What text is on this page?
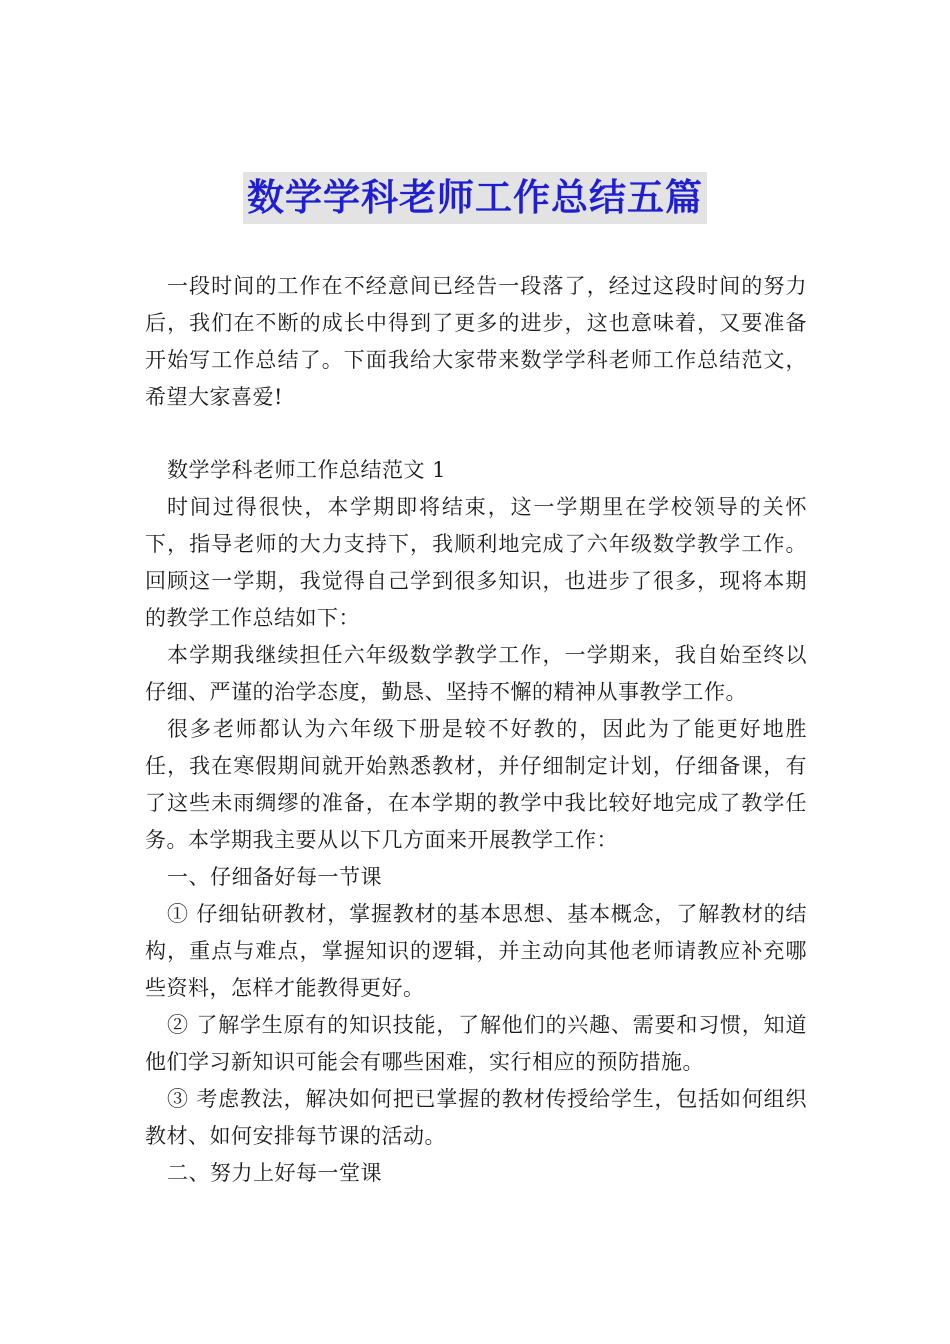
数学学科老师工作总结五篇

一段时间的工作在不经意间已经告一段落了，经过这段时间的努力后，我们在不断的成长中得到了更多的进步，这也意味着，又要准备开始写工作总结了。下面我给大家带来数学学科老师工作总结范文，希望大家喜爱!

数学学科老师工作总结范文 1

时间过得很快，本学期即将结束，这一学期里在学校领导的关怀下，指导老师的大力支持下，我顺利地完成了六年级数学教学工作。回顾这一学期，我觉得自己学到很多知识，也进步了很多，现将本期的教学工作总结如下：

本学期我继续担任六年级数学教学工作，一学期来，我自始至终以仔细、严谨的治学态度，勤恳、坚持不懈的精神从事教学工作。

很多老师都认为六年级下册是较不好教的，因此为了能更好地胜任，我在寒假期间就开始熟悉教材，并仔细制定计划，仔细备课，有了这些未雨绸缪的准备，在本学期的教学中我比较好地完成了教学任务。本学期我主要从以下几方面来开展教学工作：

一、仔细备好每一节课

① 仔细钻研教材，掌握教材的基本思想、基本概念，了解教材的结构，重点与难点，掌握知识的逻辑，并主动向其他老师请教应补充哪些资料，怎样才能教得更好。

② 了解学生原有的知识技能，了解他们的兴趣、需要和习惯，知道他们学习新知识可能会有哪些困难，实行相应的预防措施。

③ 考虑教法，解决如何把已掌握的教材传授给学生，包括如何组织教材、如何安排每节课的活动。

二、努力上好每一堂课
